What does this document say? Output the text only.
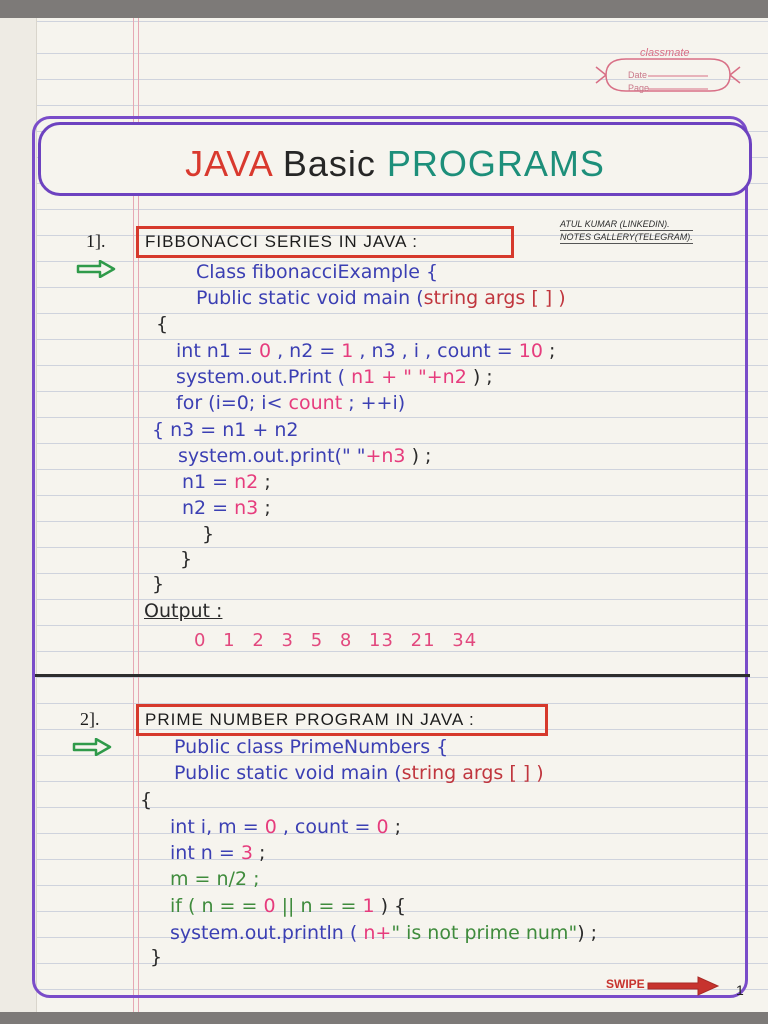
classmate
Date
Page
JAVA Basic PROGRAMS
ATUL KUMAR (LINKEDIN).
NOTES GALLERY(TELEGRAM).
1].	FIBBONACCI SERIES IN JAVA :
Class fibonacciExample {
Public static void main (string args [ ] )
{
int n1 = 0 , n2 = 1 , n3 , i , count = 10 ;
system.out.Print ( n1 + " "+n2 ) ;
for (i=0; i< count ; ++i)
{ n3 = n1 + n2
system.out.print(" "+n3 ) ;
n1 = n2 ;
n2 = n3 ;
}
}
}
Output :
0 1 2 3 5 8 13 21 34
2].	PRIME NUMBER PROGRAM IN JAVA :
Public class PrimeNumbers {
Public static void main (string args [ ] )
{
int i, m = 0 , count = 0 ;
int n = 3 ;
m = n/2 ;
if ( n = = 0 || n = = 1 ) {
system.out.println ( n+" is not prime num") ;
}
SWIPE	1
